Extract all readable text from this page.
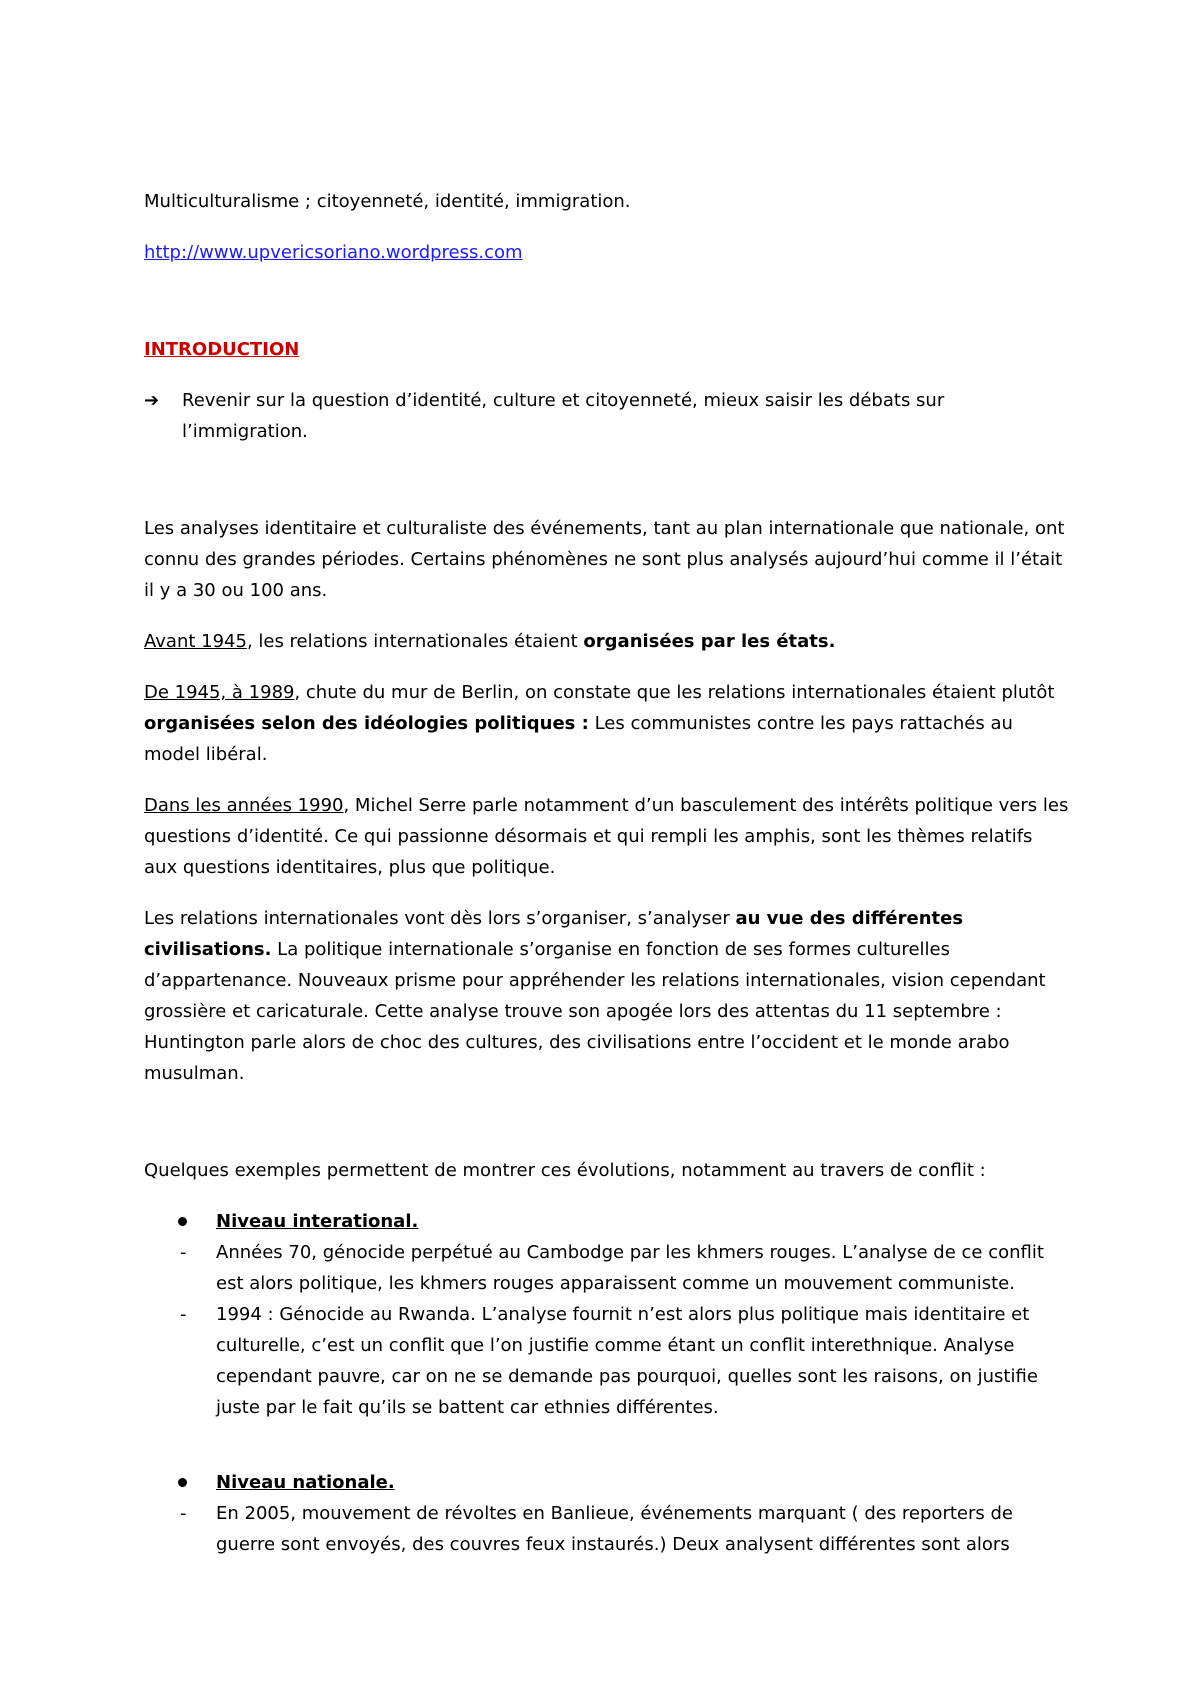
Multiculturalisme ; citoyenneté, identité, immigration.

http://www.upvericsoriano.wordpress.com

INTRODUCTION

➔	Revenir sur la question d’identité, culture et citoyenneté, mieux saisir les débats sur l’immigration.

Les analyses identitaire et culturaliste des événements, tant au plan internationale que nationale, ont connu des grandes périodes. Certains phénomènes ne sont plus analysés aujourd’hui comme il l’était il y a 30 ou 100 ans.

Avant 1945, les relations internationales étaient organisées par les états.

De 1945, à 1989, chute du mur de Berlin, on constate que les relations internationales étaient plutôt organisées selon des idéologies politiques : Les communistes contre les pays rattachés au model libéral.

Dans les années 1990, Michel Serre parle notamment d’un basculement des intérêts politique vers les questions d’identité. Ce qui passionne désormais et qui rempli les amphis, sont les thèmes relatifs aux questions identitaires, plus que politique.

Les relations internationales vont dès lors s’organiser, s’analyser au vue des différentes civilisations. La politique internationale s’organise en fonction de ses formes culturelles d’appartenance. Nouveaux prisme pour appréhender les relations internationales, vision cependant grossière et caricaturale. Cette analyse trouve son apogée lors des attentas du 11 septembre : Huntington parle alors de choc des cultures, des civilisations entre l’occident et le monde arabo musulman.

Quelques exemples permettent de montrer ces évolutions, notamment au travers de conflit :

Niveau interational.
-	Années 70, génocide perpétué au Cambodge par les khmers rouges. L’analyse de ce conflit est alors politique, les khmers rouges apparaissent comme un mouvement communiste.
-	1994 : Génocide au Rwanda. L’analyse fournit n’est alors plus politique mais identitaire et culturelle, c’est un conflit que l’on justifie comme étant un conflit interethnique. Analyse cependant pauvre, car on ne se demande pas pourquoi, quelles sont les raisons, on justifie juste par le fait qu’ils se battent car ethnies différentes.
Niveau nationale.
-	En 2005, mouvement de révoltes en Banlieue, événements marquant ( des reporters de guerre sont envoyés, des couvres feux instaurés.) Deux analysent différentes sont alors
